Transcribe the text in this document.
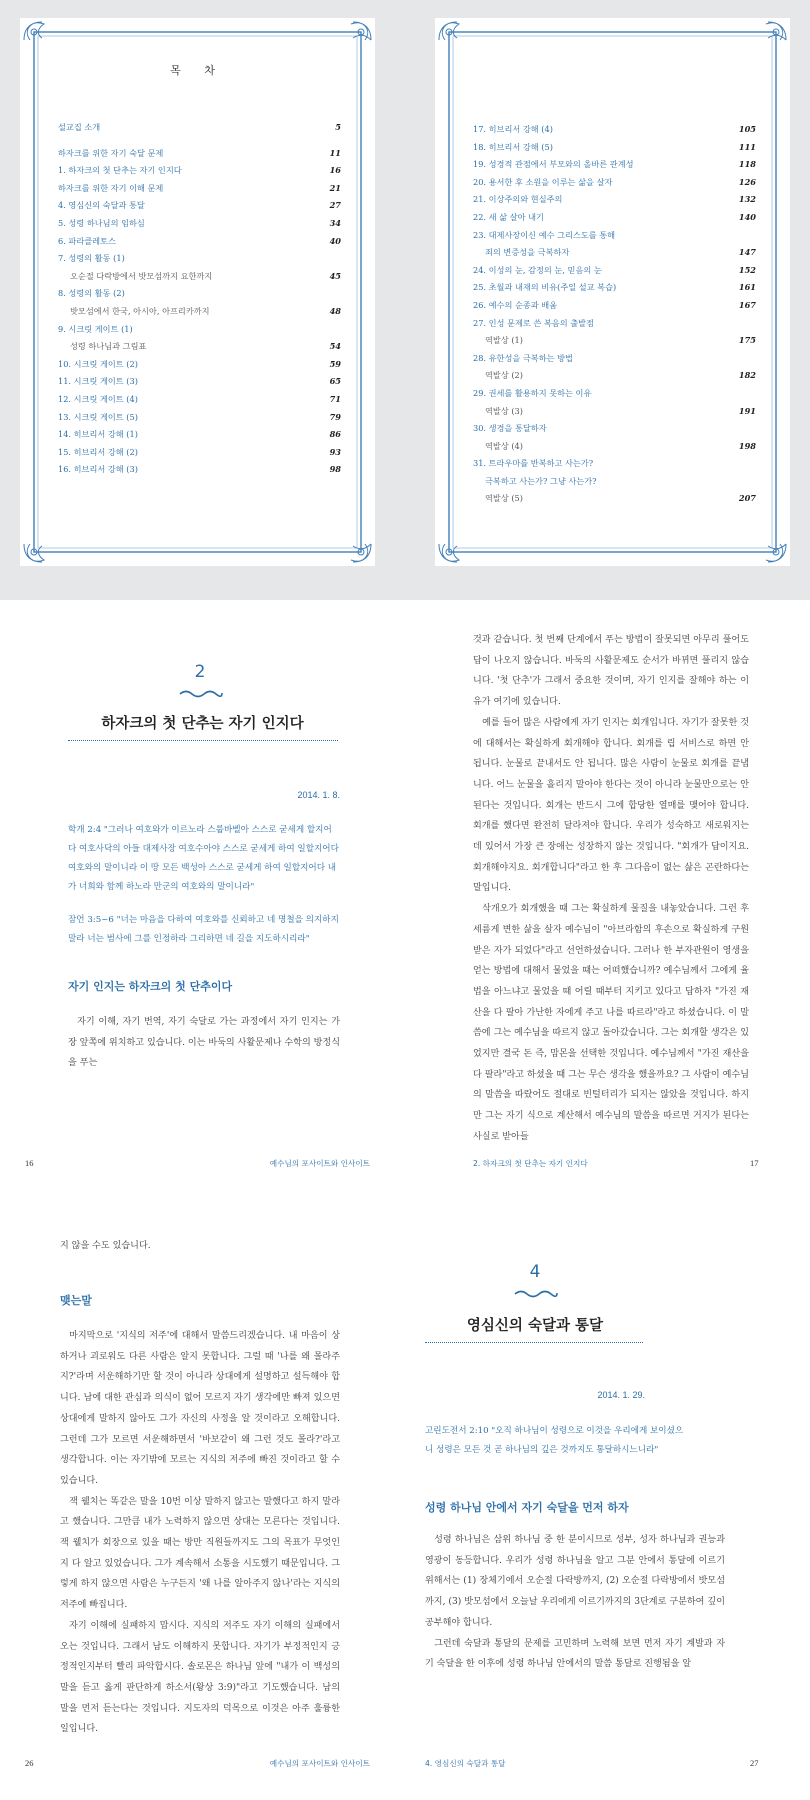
목 차
설교집 소개	5
하자크를 위한 자기 숙달 문제	11
1. 하자크의 첫 단추는 자기 인지다	16
하자크를 위한 자기 이해 문제	21
4. 영심신의 숙달과 통달	27
5. 성령 하나님의 임하심	34
6. 파라클레토스	40
7. 성령의 활동 (1)
오순절 다락방에서 밧모섬까지 요한까지	45
8. 성령의 활동 (2)
밧모섬에서 한국, 아시아, 아프리카까지	48
9. 시크릿 게이트 (1)
성령 하나님과 그림표	54
10. 시크릿 게이트 (2)	59
11. 시크릿 게이트 (3)	65
12. 시크릿 게이트 (4)	71
13. 시크릿 게이트 (5)	79
14. 히브리서 강해 (1)	86
15. 히브리서 강해 (2)	93
16. 히브리서 강해 (3)	98
17. 히브리서 강해 (4)	105
18. 히브리서 강해 (5)	111
19. 성경적 관점에서 부모와의 올바른 관계성	118
20. 용서한 후 소원을 이루는 삶을 살자	126
21. 이상주의와 현실주의	132
22. 새 삶 살아 내기	140
23. 대제사장이신 예수 그리스도를 통해
죄의 변증성을 극복하자	147
24. 이성의 눈, 감정의 눈, 믿음의 눈	152
25. 초월과 내재의 비유(주일 설교 복습)	161
26. 예수의 순종과 배움	167
27. 인성 문제로 쓴 복음의 출발점
역발상 (1)	175
28. 유한성을 극복하는 방법
역발상 (2)	182
29. 권세를 활용하지 못하는 이유
역발상 (3)	191
30. 생경을 통달하자
역발상 (4)	198
31. 트라우마를 반복하고 사는가?
극복하고 사는가? 그냥 사는가?
역발상 (5)	207
2
하자크의 첫 단추는 자기 인지다
2014. 1. 8.
학개 2:4 "그러나 여호와가 이르노라 스룹바벨아 스스로 굳세게 할지어다 여호사닥의 아들 대제사장 여호수아야 스스로 굳세게 하여 일할지어다 여호와의 말이니라 이 땅 모든 백성아 스스로 굳세게 하여 일할지어다 내가 너희와 함께 하노라 만군의 여호와의 말이니라"
잠언 3:5~6 "너는 마음을 다하여 여호와를 신뢰하고 네 명철을 의지하지 말라 너는 범사에 그를 인정하라 그리하면 네 길을 지도하시리라"
자기 인지는 하자크의 첫 단추이다

자기 이해, 자기 번역, 자기 숙달로 가는 과정에서 자기 인지는 가장 앞쪽에 위치하고 있습니다. 이는 바둑의 사활문제나 수학의 방정식을 푸는

16	예수님의 포사이트와 인사이트

것과 같습니다. 첫 번째 단계에서 푸는 방법이 잘못되면 아무리 풀어도 답이 나오지 않습니다. 바둑의 사활문제도 순서가 바뀌면 풀리지 않습니다. '첫 단추'가 그래서 중요한 것이며, 자기 인지를 잘해야 하는 이유가 여기에 있습니다.

예를 들어 많은 사람에게 자기 인지는 회개입니다. 자기가 잘못한 것에 대해서는 확실하게 회개해야 합니다. 회개를 립 서비스로 하면 안 됩니다. 눈물로 끝내서도 안 됩니다. 많은 사람이 눈물로 회개를 끝냅니다. 어느 눈물을 흘리지 말아야 한다는 것이 아니라 눈물만으로는 안 된다는 것입니다. 회개는 반드시 그에 합당한 열매를 맺어야 합니다. 회개를 했다면 완전히 달라져야 합니다. 우리가 성숙하고 새로워지는 데 있어서 가장 큰 장애는 성장하지 않는 것입니다. "회개가 답이지요. 회개해야지요. 회개합니다"라고 한 후 그다음이 없는 삶은 곤란하다는 말입니다.

삭개오가 회개했을 때 그는 확실하게 물질을 내놓았습니다. 그런 후 세름게 변한 삶을 살자 예수님이 "아브라함의 후손으로 확실하게 구원받은 자가 되었다"라고 선언하셨습니다. 그러나 한 부자관원이 영생을 얻는 방법에 대해서 물었을 때는 어떠했습니까? 예수님께서 그에게 율법을 아느냐고 물었을 때 어릴 때부터 지키고 있다고 답하자 "가진 재산을 다 팔아 가난한 자에게 주고 나를 따르라"라고 하셨습니다. 이 말씀에 그는 예수님을 따르지 않고 돌아갔습니다. 그는 회개할 생각은 있었지만 결국 돈 즉, 맘몬을 선택한 것입니다. 예수님께서 "가진 재산을 다 팔라"라고 하셨을 때 그는 무슨 생각을 했을까요? 그 사람이 예수님의 말씀을 따랐어도 절대로 빈털터리가 되지는 않았을 것입니다. 하지만 그는 자기 식으로 계산해서 예수님의 말씀을 따르면 거지가 된다는 사실로 받아들

2. 하자크의 첫 단추는 자기 인지다	17

지 않을 수도 있습니다.

맺는말

마지막으로 '지식의 저주'에 대해서 말씀드리겠습니다. 내 마음이 상하거나 괴로워도 다른 사람은 알지 못합니다. 그럴 때 '나를 왜 몰라주지?'라며 서운해하기만 할 것이 아니라 상대에게 설명하고 설득해야 합니다. 남에 대한 관심과 의식이 없어 모르지 자기 생각에만 빠져 있으면 상대에게 말하지 않아도 그가 자신의 사정을 알 것이라고 오해합니다. 그런데 그가 모르면 서운해하면서 '바보같이 왜 그런 것도 몰라?'라고 생각합니다. 이는 자기밖에 모르는 지식의 저주에 빠진 것이라고 할 수 있습니다.

잭 웰치는 똑같은 말을 10번 이상 말하지 않고는 말했다고 하지 말라고 했습니다. 그만큼 내가 노력하지 않으면 상대는 모른다는 것입니다. 잭 웰치가 회장으로 있을 때는 방만 직원들까지도 그의 목표가 무엇인지 다 알고 있었습니다. 그가 계속해서 소통을 시도했기 때문입니다. 그렇게 하지 않으면 사람은 누구든지 '왜 나를 알아주지 않나'라는 지식의 저주에 빠집니다.

자기 이해에 실패하지 맙시다. 지식의 저주도 자기 이해의 실패에서 오는 것입니다. 그래서 남도 이해하지 못합니다. 자기가 부정적인지 긍정적인지부터 빨리 파악합시다. 솔로몬은 하나님 앞에 "내가 이 백성의 말을 듣고 옳게 판단하게 하소서(왕상 3:9)"라고 기도했습니다. 남의 말을 먼저 듣는다는 것입니다. 지도자의 덕목으로 이것은 아주 훌륭한 일입니다.

26	예수님의 포사이트와 인사이트
4
영심신의 숙달과 통달
2014. 1. 29.
고린도전서 2:10 "오직 하나님이 성령으로 이것을 우리에게 보이셨으니 성령은 모든 것 곧 하나님의 깊은 것까지도 통달하시느니라"
성령 하나님 안에서 자기 숙달을 먼저 하자

성령 하나님은 삼위 하나님 중 한 분이시므로 성부, 성자 하나님과 권능과 영광이 동등합니다. 우리가 성령 하나님을 알고 그분 안에서 통달에 이르기 위해서는 (1) 장체기에서 오순절 다락방까지, (2) 오순절 다락방에서 밧모섬까지, (3) 밧모섬에서 오늘날 우리에게 이르기까지의 3단계로 구분하여 깊이 공부해야 합니다.

그런데 숙달과 통달의 문제를 고민하며 노력해 보면 먼저 자기 계발과 자기 숙달을 한 이후에 성령 하나님 안에서의 말씀 통달로 진행됨을 알

4. 영심신의 숙달과 통달	27
